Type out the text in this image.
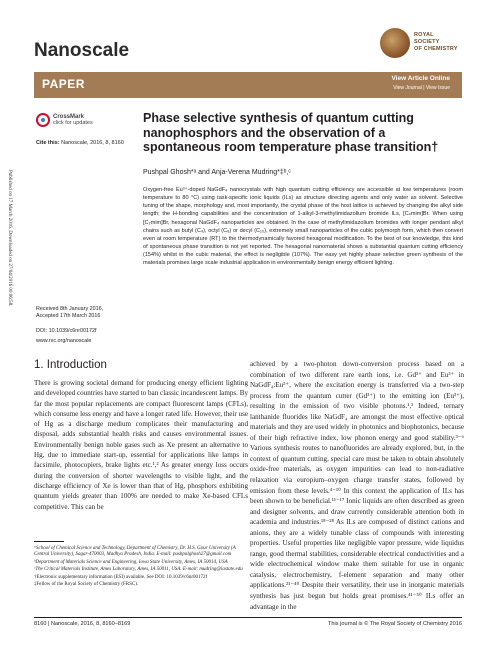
Nanoscale
ROYAL SOCIETY
OF CHEMISTRY
PAPER	View Article Online
View Journal | View Issue
CrossMark
click for updates
Cite this: Nanoscale, 2016, 8, 8160
Phase selective synthesis of quantum cutting nanophosphors and the observation of a spontaneous room temperature phase transition†
Pushpal Ghosh*ᵃ and Anja-Verena Mudring*‡ᵇ,ᶜ
Oxygen-free Eu³⁺-doped NaGdF₄ nanocrystals with high quantum cutting efficiency are accessible at low temperatures (room temperature to 80 °C) using task-specific ionic liquids (ILs) as structure directing agents and only water as solvent. Selective tuning of the shape, morphology and, most importantly, the crystal phase of the host lattice is achieved by changing the alkyl side length; the H-bonding capabilities and the concentration of 1-alkyl-3-methylimidazolium bromide ILs, [Cₙmim]Br. When using [C₂mim]Br, hexagonal NaGdF₄ nanoparticles are obtained. In the case of methylimidazolium bromides with longer pendant alkyl chains such as butyl (C₄), octyl (C₈) or decyl (C₁₀), extremely small nanoparticles of the cubic polymorph form, which then convert even at room temperature (RT) to the thermodynamically favored hexagonal modification. To the best of our knowledge, this kind of spontaneous phase transition is not yet reported. The hexagonal nanomaterial shows a substantial quantum cutting efficiency (154%) whilst in the cubic material, the effect is negligible (107%). The easy yet highly phase selective green synthesis of the materials promises large scale industrial application in environmentally benign energy efficient lighting.
Received 8th January 2016,
Accepted 17th March 2016
DOI: 10.1039/c6nr00172f
www.rsc.org/nanoscale
Published on 17 March 2016. Downloaded on 27/04/2016 00:06:58.
1. Introduction

There is growing societal demand for producing energy efficient lighting and developed countries have started to ban classic incandescent lamps. By far the most popular replacements are compact fluorescent lamps (CFLs), which consume less energy and have a longer rated life. However, their use of Hg as a discharge medium complicates their manufacturing and disposal, adds substantial health risks and causes environmental issues. Environmentally benign noble gases such as Xe present an alternative to Hg, due to immediate start-up, essential for applications like lamps in facsimile, photocopiers, brake lights etc.¹,² As greater energy loss occurs during the conversion of shorter wavelengths to visible light, and the discharge efficiency of Xe is lower than that of Hg, phosphors exhibiting quantum yields greater than 100% are needed to make Xe-based CFLs competitive. This can be

achieved by a two-photon down-conversion process based on a combination of two different rare earth ions, i.e. Gd³⁺ and Eu³⁺ in NaGdF₄:Eu³⁺, where the excitation energy is transferred via a two-step process from the quantum cutter (Gd³⁺) to the emitting ion (Eu³⁺), resulting in the emission of two visible photons.¹,² Indeed, ternary lanthanide fluorides like NaGdF₄ are amongst the most effective optical materials and they are used widely in photonics and biophotonics, because of their high refractive index, low phonon energy and good stability.³⁻⁶ Various synthesis routes to nanofluorides are already explored, but, in the context of quantum cutting, special care must be taken to obtain absolutely oxide-free materials, as oxygen impurities can lead to non-radiative relaxation via europium–oxygen charge transfer states, followed by emission from these levels.⁴⁻¹⁰ In this context the application of ILs has been shown to be beneficial.¹¹⁻¹⁷ Ionic liquids are often described as green and designer solvents, and draw currently considerable attention both in academia and industries.¹⁸⁻²⁸ As ILs are composed of distinct cations and anions, they are a widely tunable class of compounds with interesting properties. Useful properties like negligible vapor pressure, wide liquidus range, good thermal stabilities, considerable electrical conductivities and a wide electrochemical window make them suitable for use in organic catalysis, electrochemistry, f-element separation and many other applications.²¹⁻⁴⁰ Despite their versatility, their use in inorganic materials synthesis has just begun but holds great promises.⁴¹⁻⁵⁰ ILs offer an advantage in the

ᵃSchool of Chemical Science and Technology, Department of Chemistry, Dr. H.S. Gour University (A Central University), Sagar-470003, Madhya Pradesh, India. E-mail: pushpalghosh27@gmail.com

ᵇDepartment of Materials Science and Engineering, Iowa State University, Ames, IA 50014, USA

ᶜThe Critical Materials Institute, Ames Laboratory, Ames, IA 50011, USA. E-mail: mudring@iastate.edu

†Electronic supplementary information (ESI) available. See DOI: 10.1039/c6nr00172f

‡Fellow of the Royal Society of Chemistry (FRSC).

8160 | Nanoscale, 2016, 8, 8160–8169	This journal is © The Royal Society of Chemistry 2016
